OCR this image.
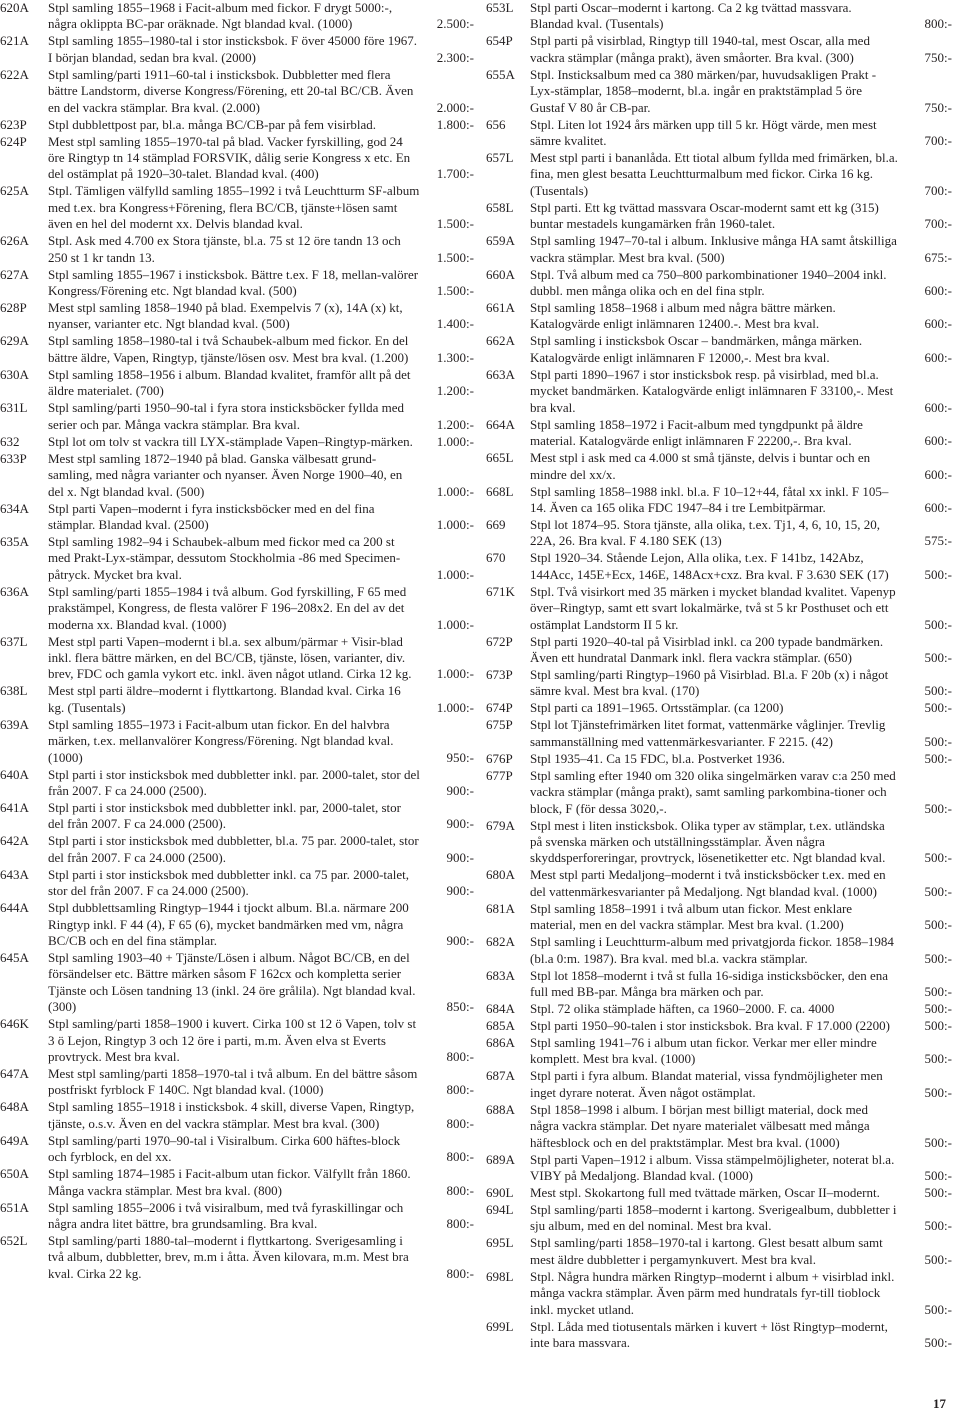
620A Stpl samling 1855–1968 i Facit-album med fickor. F drygt 5000:-, några oklippta BC-par oräknade. Ngt blandad kval. (1000)	2.500:-
621A Stpl samling 1855–1980-tal i stor insticksbok. F över 45000 före 1967. I början blandad, sedan bra kval. (2000)	2.300:-
622A Stpl samling/parti 1911–60-tal i insticksbok. Dubbletter med flera bättre Landstorm, diverse Kongress/Förening, ett 20-tal BC/CB. Även en del vackra stämplar. Bra kval. (2.000)	2.000:-
623P Stpl dubblettpost par, bl.a. många BC/CB-par på fem visirblad.	1.800:-
624P Mest stpl samling 1855–1970-tal på blad. Vacker fyrskilling, god 24 öre Ringtyp tn 14 stämplad FORSVIK, dålig serie Kongress x etc. En del ostämplat på 1920–30-talet. Blandad kval. (400)	1.700:-
625A Stpl. Tämligen välfylld samling 1855–1992 i två Leuchtturm SF-album med t.ex. bra Kongress+Förening, flera BC/CB, tjänste+lösen samt även en hel del modernt xx. Delvis blandad kval.	1.500:-
626A Stpl. Ask med 4.700 ex Stora tjänste, bl.a. 75 st 12 öre tandn 13 och 250 st 1 kr tandn 13.	1.500:-
627A Stpl samling 1855–1967 i insticksbok. Bättre t.ex. F 18, mellan-valörer Kongress/Förening etc. Ngt blandad kval. (500)	1.500:-
628P Mest stpl samling 1858–1940 på blad. Exempelvis 7 (x), 14A (x) kt, nyanser, varianter etc. Ngt blandad kval. (500)	1.400:-
629A Stpl samling 1858–1980-tal i två Schaubek-album med fickor. En del bättre äldre, Vapen, Ringtyp, tjänste/lösen osv. Mest bra kval. (1.200)	1.300:-
630A Stpl samling 1858–1956 i album. Blandad kvalitet, framför allt på det äldre materialet. (700)	1.200:-
631L Stpl samling/parti 1950–90-tal i fyra stora insticksböcker fyllda med serier och par. Många vackra stämplar. Bra kval.	1.200:-
632 Stpl lot om tolv st vackra till LYX-stämplade Vapen–Ringtyp-märken.	1.000:-
633P Mest stpl samling 1872–1940 på blad. Ganska välbesatt grund-samling, med några varianter och nyanser. Även Norge 1900–40, en del x. Ngt blandad kval. (500)	1.000:-
634A Stpl parti Vapen–modernt i fyra insticksböcker med en del fina stämplar. Blandad kval. (2500)	1.000:-
635A Stpl samling 1982–94 i Schaubek-album med fickor med ca 200 st med Prakt-Lyx-stämpar, dessutom Stockholmia -86 med Specimen-påtryck. Mycket bra kval.	1.000:-
636A Stpl samling/parti 1855–1984 i två album. God fyrskilling, F 65 med prakstämpel, Kongress, de flesta valörer F 196–208x2. En del av det moderna xx. Blandad kval. (1000)	1.000:-
637L Mest stpl parti Vapen–modernt i bl.a. sex album/pärmar + Visir-blad inkl. flera bättre märken, en del BC/CB, tjänste, lösen, varianter, div. brev, FDC och gamla vykort etc. inkl. även något utland. Cirka 12 kg.	1.000:-
638L Mest stpl parti äldre–modernt i flyttkartong. Blandad kval. Cirka 16 kg. (Tusentals)	1.000:-
639A Stpl samling 1855–1973 i Facit-album utan fickor. En del halvbra märken, t.ex. mellanvalörer Kongress/Förening. Ngt blandad kval. (1000)	950:-
640A Stpl parti i stor insticksbok med dubbletter inkl. par. 2000-talet, stor del från 2007. F ca 24.000 (2500).	900:-
641A Stpl parti i stor insticksbok med dubbletter inkl. par, 2000-talet, stor del från 2007. F ca 24.000 (2500).	900:-
642A Stpl parti i stor insticksbok med dubbletter, bl.a. 75 par. 2000-talet, stor del från 2007. F ca 24.000 (2500).	900:-
643A Stpl parti i stor insticksbok med dubbletter inkl. ca 75 par. 2000-talet, stor del från 2007. F ca 24.000 (2500).	900:-
644A Stpl dubblettsamling Ringtyp–1944 i tjockt album. Bl.a. närmare 200 Ringtyp inkl. F 44 (4), F 65 (6), mycket bandmärken med vm, några BC/CB och en del fina stämplar.	900:-
645A Stpl samling 1903–40 + Tjänste/Lösen i album. Något BC/CB, en del försändelser etc. Bättre märken såsom F 162cx och kompletta serier Tjänste och Lösen tandning 13 (inkl. 24 öre grålila). Ngt blandad kval. (300)	850:-
646K Stpl samling/parti 1858–1900 i kuvert. Cirka 100 st 12 ö Vapen, tolv st 3 ö Lejon, Ringtyp 3 och 12 öre i parti, m.m. Även elva st Everts provtryck. Mest bra kval.	800:-
647A Mest stpl samling/parti 1858–1970-tal i två album. En del bättre såsom postfriskt fyrblock F 140C. Ngt blandad kval. (1000)	800:-
648A Stpl samling 1855–1918 i insticksbok. 4 skill, diverse Vapen, Ringtyp, tjänste, o.s.v. Även en del vackra stämplar. Mest bra kval. (300)	800:-
649A Stpl samling/parti 1970–90-tal i Visiralbum. Cirka 600 häftes-block och fyrblock, en del xx.	800:-
650A Stpl samling 1874–1985 i Facit-album utan fickor. Välfyllt från 1860. Många vackra stämplar. Mest bra kval. (800)	800:-
651A Stpl samling 1855–2006 i två visiralbum, med två fyraskillingar och några andra litet bättre, bra grundsamling. Bra kval.	800:-
652L Stpl samling/parti 1880-tal–modernt i flyttkartong. Sverigesamling i två album, dubbletter, brev, m.m i åtta. Även kilovara, m.m. Mest bra kval. Cirka 22 kg.	800:-
653L Stpl parti Oscar–modernt i kartong. Ca 2 kg tvättad massvara. Blandad kval. (Tusentals)	800:-
654P Stpl parti på visirblad, Ringtyp till 1940-tal, mest Oscar, alla med vackra stämplar (många prakt), även småorter. Bra kval. (300)	750:-
655A Stpl. Insticksalbum med ca 380 märken/par, huvudsakligen Prakt - Lyx-stämplar, 1858–modernt, bl.a. ingår en praktstämplad 5 öre Gustaf V 80 år CB-par.	750:-
656 Stpl. Liten lot 1924 års märken upp till 5 kr. Högt värde, men mest sämre kvalitet.	700:-
657L Mest stpl parti i bananlåda. Ett tiotal album fyllda med frimärken, bl.a. fina, men glest besatta Leuchtturmalbum med fickor. Cirka 16 kg. (Tusentals)	700:-
658L Stpl parti. Ett kg tvättad massvara Oscar-modernt samt ett kg (315) buntar mestadels kungamärken från 1960-talet.	700:-
659A Stpl samling 1947–70-tal i album. Inklusive många HA samt åtskilliga vackra stämplar. Mest bra kval. (500)	675:-
660A Stpl. Två album med ca 750–800 parkombinationer 1940–2004 inkl. dubbl. men många olika och en del fina stplr.	600:-
661A Stpl samling 1858–1968 i album med några bättre märken. Katalogvärde enligt inlämnaren 12400.-. Mest bra kval.	600:-
662A Stpl samling i insticksbok Oscar – bandmärken, många märken. Katalogvärde enligt inlämnaren F 12000,-. Mest bra kval.	600:-
663A Stpl parti 1890–1967 i stor insticksbok resp. på visirblad, med bl.a. mycket bandmärken. Katalogvärde enligt inlämnaren F 33100,-. Mest bra kval.	600:-
664A Stpl samling 1858–1972 i Facit-album med tyngdpunkt på äldre material. Katalogvärde enligt inlämnaren F 22200,-. Bra kval.	600:-
665L Mest stpl i ask med ca 4.000 st små tjänste, delvis i buntar och en mindre del xx/x.	600:-
668L Stpl samling 1858–1988 inkl. bl.a. F 10–12+44, fåtal xx inkl. F 105–14. Även ca 165 olika FDC 1947–84 i tre Lembitpärmar.	600:-
669 Stpl lot 1874–95. Stora tjänste, alla olika, t.ex. Tj1, 4, 6, 10, 15, 20, 22A, 26. Bra kval. F 4.180 SEK (13)	575:-
670 Stpl 1920–34. Stående Lejon, Alla olika, t.ex. F 141bz, 142Abz, 144Acc, 145E+Ecx, 146E, 148Acx+cxz. Bra kval. F 3.630 SEK (17)	500:-
671K Stpl. Två visirkort med 35 märken i mycket blandad kvalitet. Vapenyp över–Ringtyp, samt ett svart lokalmärke, två st 5 kr Posthuset och ett ostämplat Landstorm II 5 kr.	500:-
672P Stpl parti 1920–40-tal på Visirblad inkl. ca 200 typade bandmärken. Även ett hundratal Danmark inkl. flera vackra stämplar. (650)	500:-
673P Stpl samling/parti Ringtyp–1960 på Visirblad. Bl.a. F 20b (x) i något sämre kval. Mest bra kval. (170)	500:-
674P Stpl parti ca 1891–1965. Ortsstämplar. (ca 1200)	500:-
675P Stpl lot Tjänstefrimärken litet format, vattenmärke våglinjer. Trevlig sammanställning med vattenmärkesvarianter. F 2215. (42)	500:-
676P Stpl 1935–41. Ca 15 FDC, bl.a. Postverket 1936.	500:-
677P Stpl samling efter 1940 om 320 olika singelmärken varav c:a 250 med vackra stämplar (många prakt), samt samling parkombina-tioner och block, F (för dessa 3020,-.	500:-
679A Stpl mest i liten insticksbok. Olika typer av stämplar, t.ex. utländska på svenska märken och utställningsstämplar. Även några skyddsperforeringar, provtryck, lösenetiketter etc. Ngt blandad kval.	500:-
680A Mest stpl parti Medaljong–modernt i två insticksböcker t.ex. med en del vattenmärkesvarianter på Medaljong. Ngt blandad kval. (1000)	500:-
681A Stpl samling 1858–1991 i två album utan fickor. Mest enklare material, men en del vackra stämplar. Mest bra kval. (1.200)	500:-
682A Stpl samling i Leuchtturm-album med privatgjorda fickor. 1858–1984 (bl.a 0:m. 1987). Bra kval. med bl.a. vackra stämplar.	500:-
683A Stpl lot 1858–modernt i två st fulla 16-sidiga insticksböcker, den ena full med BB-par. Många bra märken och par.	500:-
684A Stpl. 72 olika stämplade häften, ca 1960–2000. F. ca. 4000	500:-
685A Stpl parti 1950–90-talen i stor insticksbok. Bra kval. F 17.000 (2200)	500:-
686A Stpl samling 1941–76 i album utan fickor. Verkar mer eller mindre komplett. Mest bra kval. (1000)	500:-
687A Stpl parti i fyra album. Blandat material, vissa fyndmöjligheter men inget dyrare noterat. Även något ostämplat.	500:-
688A Stpl 1858–1998 i album. I början mest billigt material, dock med några vackra stämplar. Det nyare materialet välbesatt med många häftesblock och en del praktstämplar. Mest bra kval. (1000)	500:-
689A Stpl parti Vapen–1912 i album. Vissa stämpelmöjligheter, noterat bl.a. VIBY på Medaljong. Blandad kval. (1000)	500:-
690L Mest stpl. Skokartong full med tvättade märken, Oscar II–modernt.	500:-
694L Stpl samling/parti 1858–modernt i kartong. Sverigealbum, dubbletter i sju album, med en del nominal. Mest bra kval.	500:-
695L Stpl samling/parti 1858–1970-tal i kartong. Glest besatt album samt mest äldre dubbletter i pergamynkuvert. Mest bra kval.	500:-
698L Stpl. Några hundra märken Ringtyp–modernt i album + visirblad inkl. många vackra stämplar. Även pärm med hundratals fyr-till tioblock inkl. mycket utland.	500:-
699L Stpl. Låda med tiotusentals märken i kuvert + löst Ringtyp–modernt, inte bara massvara.	500:-
17
